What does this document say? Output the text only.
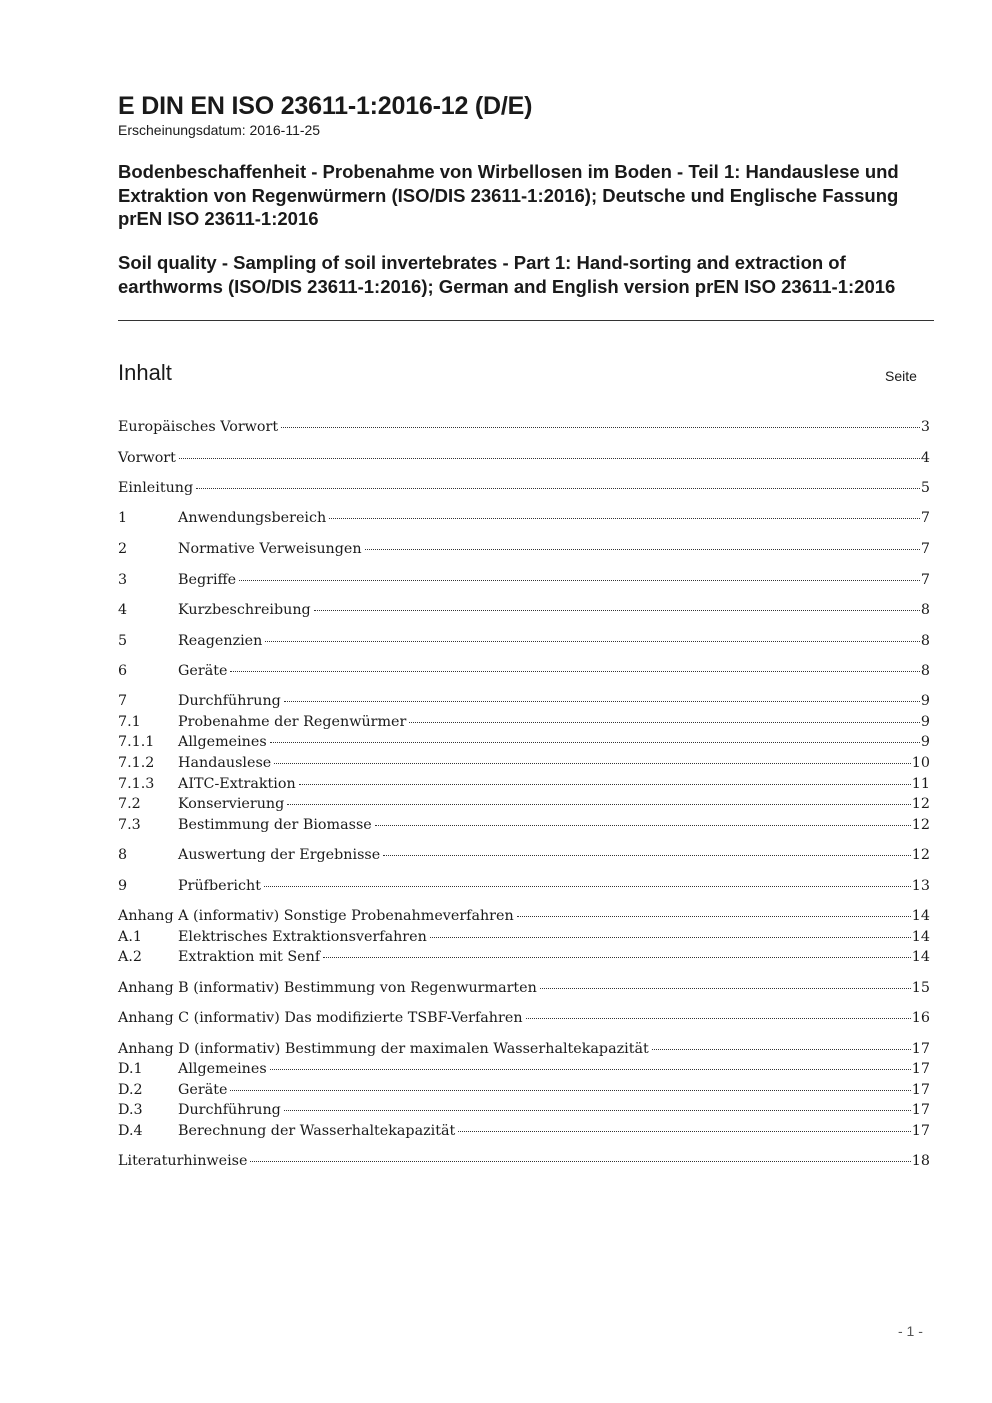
E DIN EN ISO 23611-1:2016-12 (D/E)
Erscheinungsdatum: 2016-11-25
Bodenbeschaffenheit - Probenahme von Wirbellosen im Boden - Teil 1: Handauslese und Extraktion von Regenwürmern (ISO/DIS 23611-1:2016); Deutsche und Englische Fassung prEN ISO 23611-1:2016
Soil quality - Sampling of soil invertebrates - Part 1: Hand-sorting and extraction of earthworms (ISO/DIS 23611-1:2016); German and English version prEN ISO 23611-1:2016
Inhalt	Seite
Europäisches Vorwort	3
Vorwort	4
Einleitung	5
1	Anwendungsbereich	7
2	Normative Verweisungen	7
3	Begriffe	7
4	Kurzbeschreibung	8
5	Reagenzien	8
6	Geräte	8
7	Durchführung	9
7.1	Probenahme der Regenwürmer	9
7.1.1	Allgemeines	9
7.1.2	Handauslese	10
7.1.3	AITC-Extraktion	11
7.2	Konservierung	12
7.3	Bestimmung der Biomasse	12
8	Auswertung der Ergebnisse	12
9	Prüfbericht	13
Anhang A (informativ) Sonstige Probenahmeverfahren	14
A.1	Elektrisches Extraktionsverfahren	14
A.2	Extraktion mit Senf	14
Anhang B (informativ) Bestimmung von Regenwurmarten	15
Anhang C (informativ) Das modifizierte TSBF-Verfahren	16
Anhang D (informativ) Bestimmung der maximalen Wasserhaltekapazität	17
D.1	Allgemeines	17
D.2	Geräte	17
D.3	Durchführung	17
D.4	Berechnung der Wasserhaltekapazität	17
Literaturhinweise	18
- 1 -
